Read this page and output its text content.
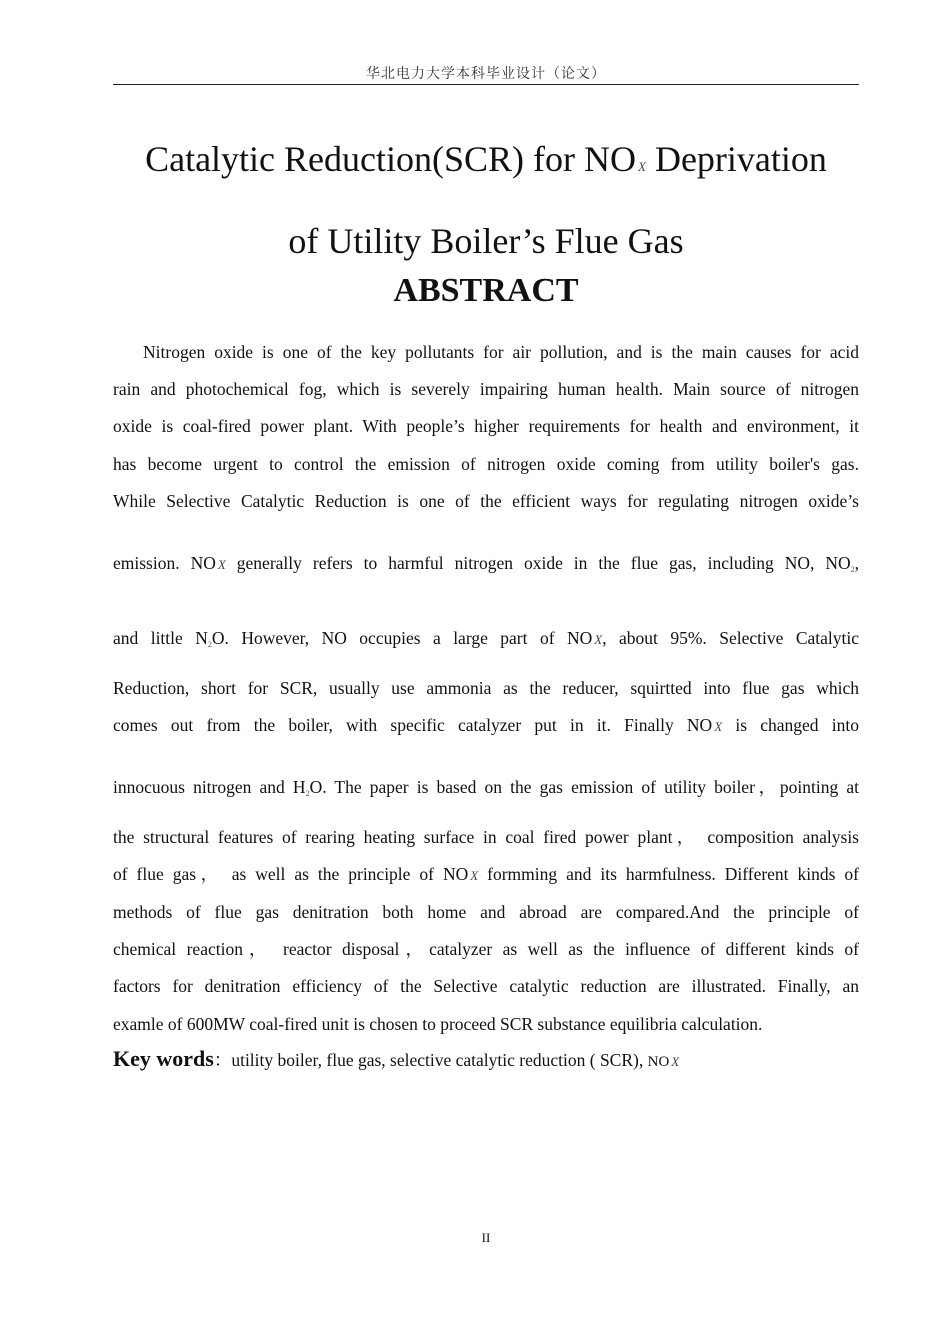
华北电力大学本科毕业设计（论文）
Catalytic Reduction(SCR) for NO X Deprivation
of Utility Boiler’s Flue Gas
ABSTRACT
Nitrogen oxide is one of the key pollutants for air pollution, and is the main causes for acid
rain and photochemical fog, which is severely impairing human health. Main source of nitrogen
oxide is coal-fired power plant. With people’s higher requirements for health and environment, it
has become urgent to control the emission of nitrogen oxide coming from utility boiler's gas.
While Selective Catalytic Reduction is one of the efficient ways for regulating nitrogen oxide’s
emission. NO X generally refers to harmful nitrogen oxide in the flue gas, including NO, $NO_2$,
and little $N_2O$. However, NO occupies a large part of NO X, about 95%. Selective Catalytic
Reduction, short for SCR, usually use ammonia as the reducer, squirtted into flue gas which
comes out from the boiler, with specific catalyzer put in it. Finally NO X is changed into
innocuous nitrogen and $H_2O$. The paper is based on the gas emission of utility boiler，pointing at
the structural features of rearing heating surface in coal fired power plant， composition analysis
of flue gas， as well as the principle of NO X formming and its harmfulness. Different kinds of
methods of flue gas denitration both home and abroad are compared.And the principle of
chemical reaction， reactor disposal，catalyzer as well as the influence of different kinds of
factors for denitration efficiency of the Selective catalytic reduction are illustrated. Finally, an
examle of 600MW coal-fired unit is chosen to proceed SCR substance equilibria calculation.
Key words：utility boiler, flue gas, selective catalytic reduction ( SCR), NO X
II
